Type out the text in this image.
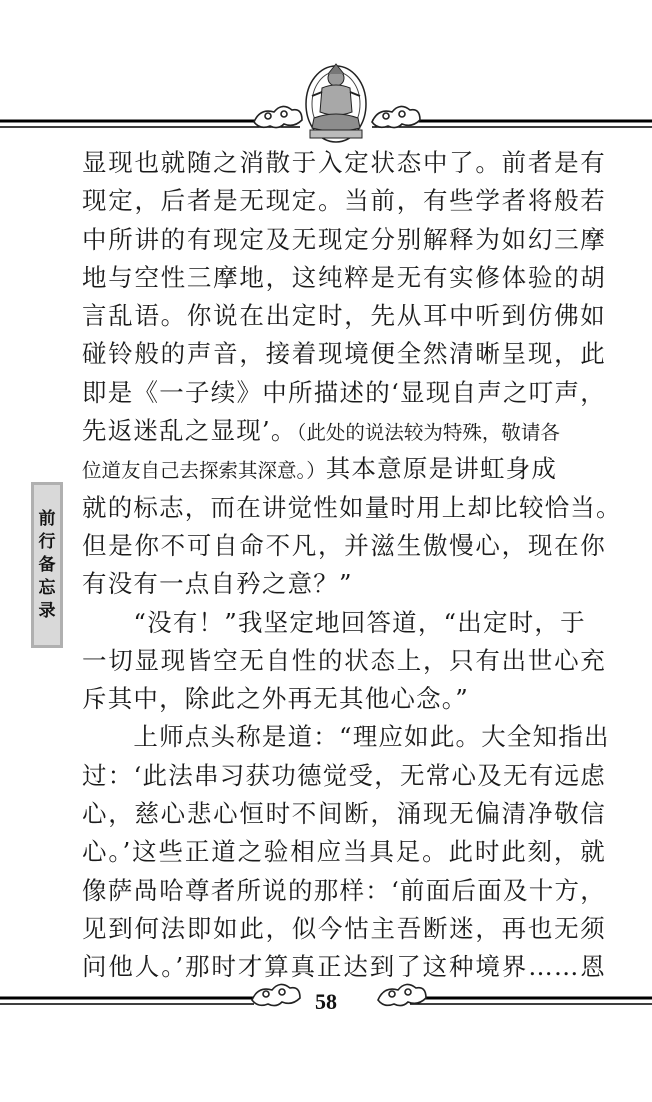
前行备忘录
显现也就随之消散于入定状态中了。前者是有
现定，后者是无现定。当前，有些学者将般若
中所讲的有现定及无现定分别解释为如幻三摩
地与空性三摩地，这纯粹是无有实修体验的胡
言乱语。你说在出定时，先从耳中听到仿佛如
碰铃般的声音，接着现境便全然清晰呈现，此
即是《一子续》中所描述的‘显现自声之叮声，
先返迷乱之显现’。（此处的说法较为特殊，敬请各
位道友自己去探索其深意。）其本意原是讲虹身成
就的标志，而在讲觉性如量时用上却比较恰当。
但是你不可自命不凡，并滋生傲慢心，现在你
有没有一点自矜之意？”
　　“没有！”我坚定地回答道，“出定时，于
一切显现皆空无自性的状态上，只有出世心充
斥其中，除此之外再无其他心念。”
　　上师点头称是道：“理应如此。大全知指出
过：‘此法串习获功德觉受，无常心及无有远虑
心，慈心悲心恒时不间断，涌现无偏清净敬信
心。’这些正道之验相应当具足。此时此刻，就
像萨咼哈尊者所说的那样：‘前面后面及十方，
见到何法即如此，似今怙主吾断迷，再也无须
问他人。’那时才算真正达到了这种境界……恩
58
